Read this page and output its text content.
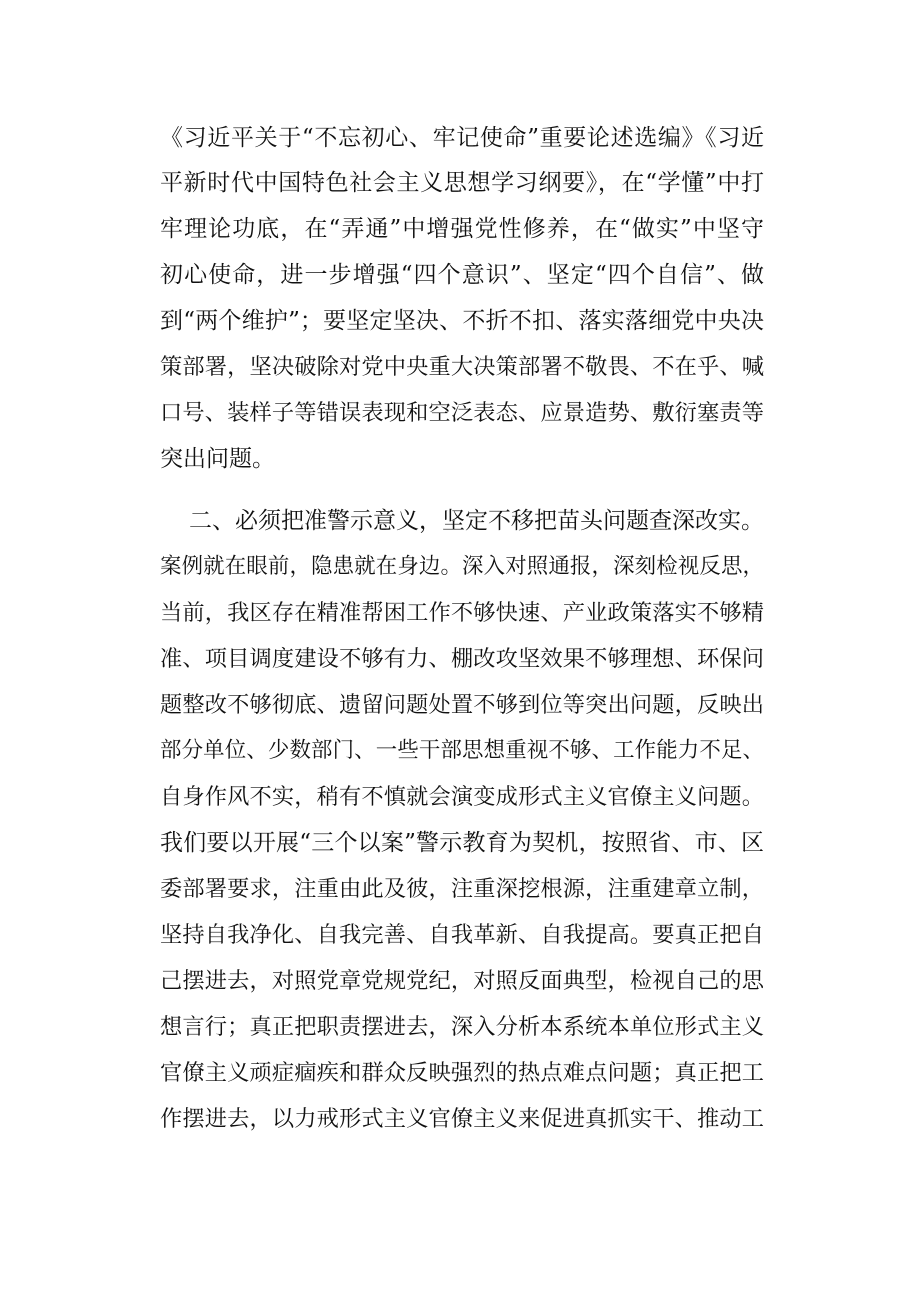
《习近平关于“不忘初心、牢记使命”重要论述选编》《习近
平新时代中国特色社会主义思想学习纲要》，在“学懂”中打
牢理论功底，在“弄通”中增强党性修养，在“做实”中坚守
初心使命，进一步增强“四个意识”、坚定“四个自信”、做
到“两个维护”；要坚定坚决、不折不扣、落实落细党中央决
策部署，坚决破除对党中央重大决策部署不敬畏、不在乎、喊
口号、装样子等错误表现和空泛表态、应景造势、敷衍塞责等
突出问题。
二、必须把准警示意义，坚定不移把苗头问题查深改实。
案例就在眼前，隐患就在身边。深入对照通报，深刻检视反思，
当前，我区存在精准帮困工作不够快速、产业政策落实不够精
准、项目调度建设不够有力、棚改攻坚效果不够理想、环保问
题整改不够彻底、遗留问题处置不够到位等突出问题，反映出
部分单位、少数部门、一些干部思想重视不够、工作能力不足、
自身作风不实，稍有不慎就会演变成形式主义官僚主义问题。
我们要以开展“三个以案”警示教育为契机，按照省、市、区
委部署要求，注重由此及彼，注重深挖根源，注重建章立制，
坚持自我净化、自我完善、自我革新、自我提高。要真正把自
己摆进去，对照党章党规党纪，对照反面典型，检视自己的思
想言行；真正把职责摆进去，深入分析本系统本单位形式主义
官僚主义顽症痼疾和群众反映强烈的热点难点问题；真正把工
作摆进去，以力戒形式主义官僚主义来促进真抓实干、推动工
